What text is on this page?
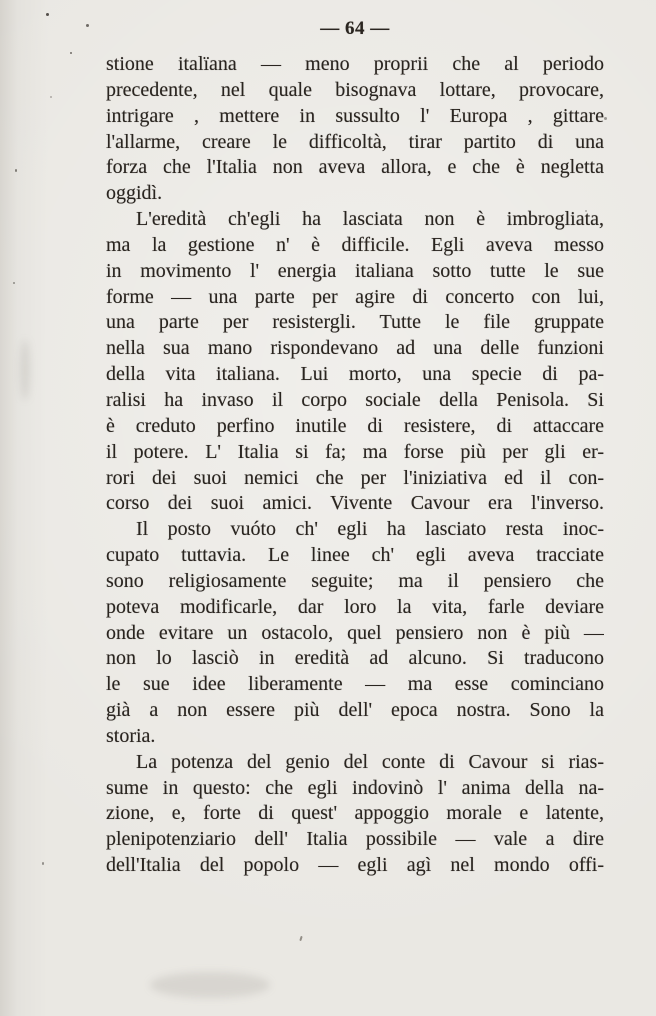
— 64 —
stione italïana — meno proprii che al periodo
precedente, nel quale bisognava lottare, provocare,
intrigare , mettere in sussulto l' Europa , gittare
l'allarme, creare le difficoltà, tirar partito di una
forza che l'Italia non aveva allora, e che è negletta
oggidì.
L'eredità ch'egli ha lasciata non è imbrogliata,
ma la gestione n' è difficile. Egli aveva messo
in movimento l' energia italiana sotto tutte le sue
forme — una parte per agire di concerto con lui,
una parte per resistergli. Tutte le file gruppate
nella sua mano rispondevano ad una delle funzioni
della vita italiana. Lui morto, una specie di pa-
ralisi ha invaso il corpo sociale della Penisola. Si
è creduto perfino inutile di resistere, di attaccare
il potere. L' Italia si fa; ma forse più per gli er-
rori dei suoi nemici che per l'iniziativa ed il con-
corso dei suoi amici. Vivente Cavour era l'inverso.
Il posto vuóto ch' egli ha lasciato resta inoc-
cupato tuttavia. Le linee ch' egli aveva tracciate
sono religiosamente seguite; ma il pensiero che
poteva modificarle, dar loro la vita, farle deviare
onde evitare un ostacolo, quel pensiero non è più —
non lo lasciò in eredità ad alcuno. Si traducono
le sue idee liberamente — ma esse cominciano
già a non essere più dell' epoca nostra. Sono la
storia.
La potenza del genio del conte di Cavour si rias-
sume in questo: che egli indovinò l' anima della na-
zione, e, forte di quest' appoggio morale e latente,
plenipotenziario dell' Italia possibile — vale a dire
dell'Italia del popolo — egli agì nel mondo offi-
